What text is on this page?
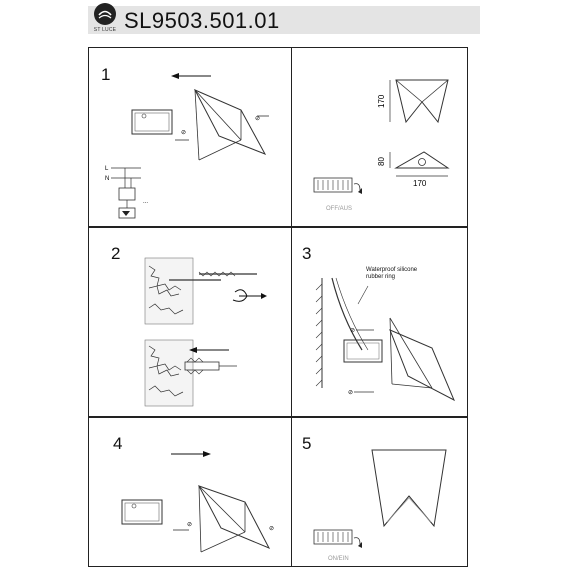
ST LUCE SL9503.501.01
1
⊘
⊘
L
N
...
170
80
170
OFF/AUS
2	3
Waterproof silicone rubber ring
⊘
⊘
4
⊘
⊘
5
ON/EIN
